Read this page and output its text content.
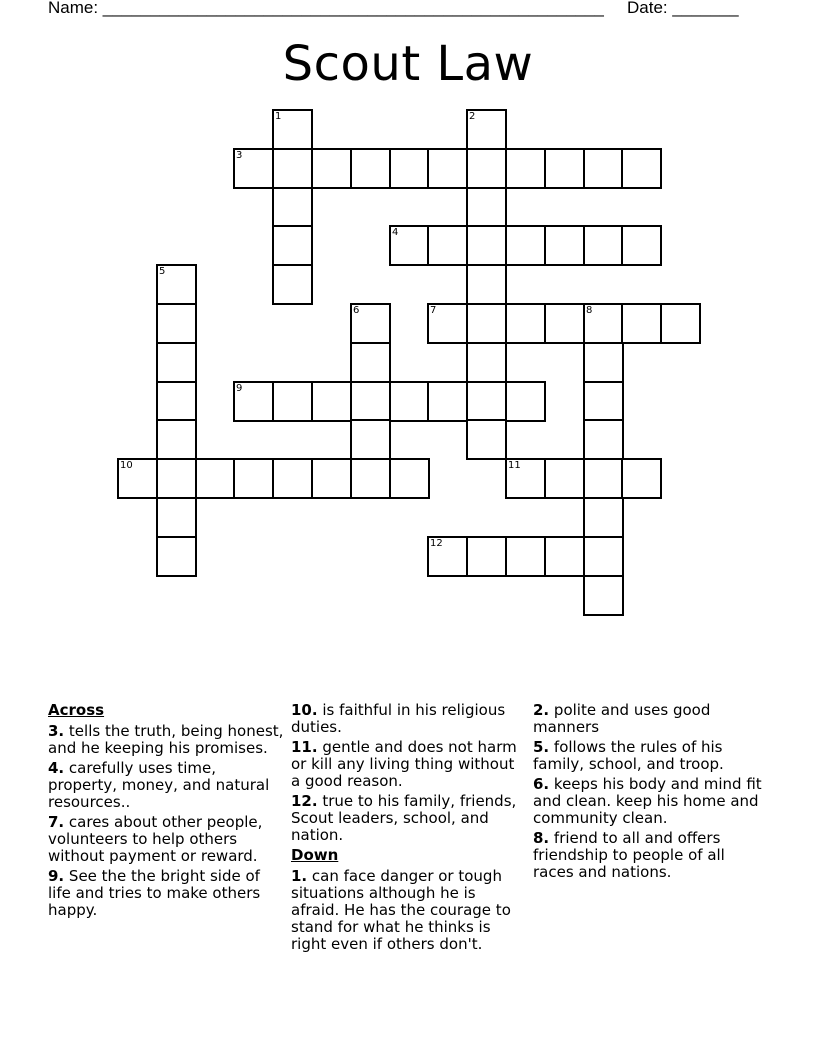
Name: _____________________________________________________ Date: _______
Scout Law
1	2
3
4
5
6	7	8
9
10	11
12
Across
3. tells the truth, being honest, and he keeping his promises.
4. carefully uses time, property, money, and natural resources..
7. cares about other people, volunteers to help others without payment or reward.
9. See the the bright side of life and tries to make others happy.
10. is faithful in his religious duties.
11. gentle and does not harm or kill any living thing without a good reason.
12. true to his family, friends, Scout leaders, school, and nation.
Down
1. can face danger or tough situations although he is afraid. He has the courage to stand for what he thinks is right even if others don't.
2. polite and uses good manners
5. follows the rules of his family, school, and troop.
6. keeps his body and mind fit and clean. keep his home and community clean.
8. friend to all and offers friendship to people of all races and nations.
